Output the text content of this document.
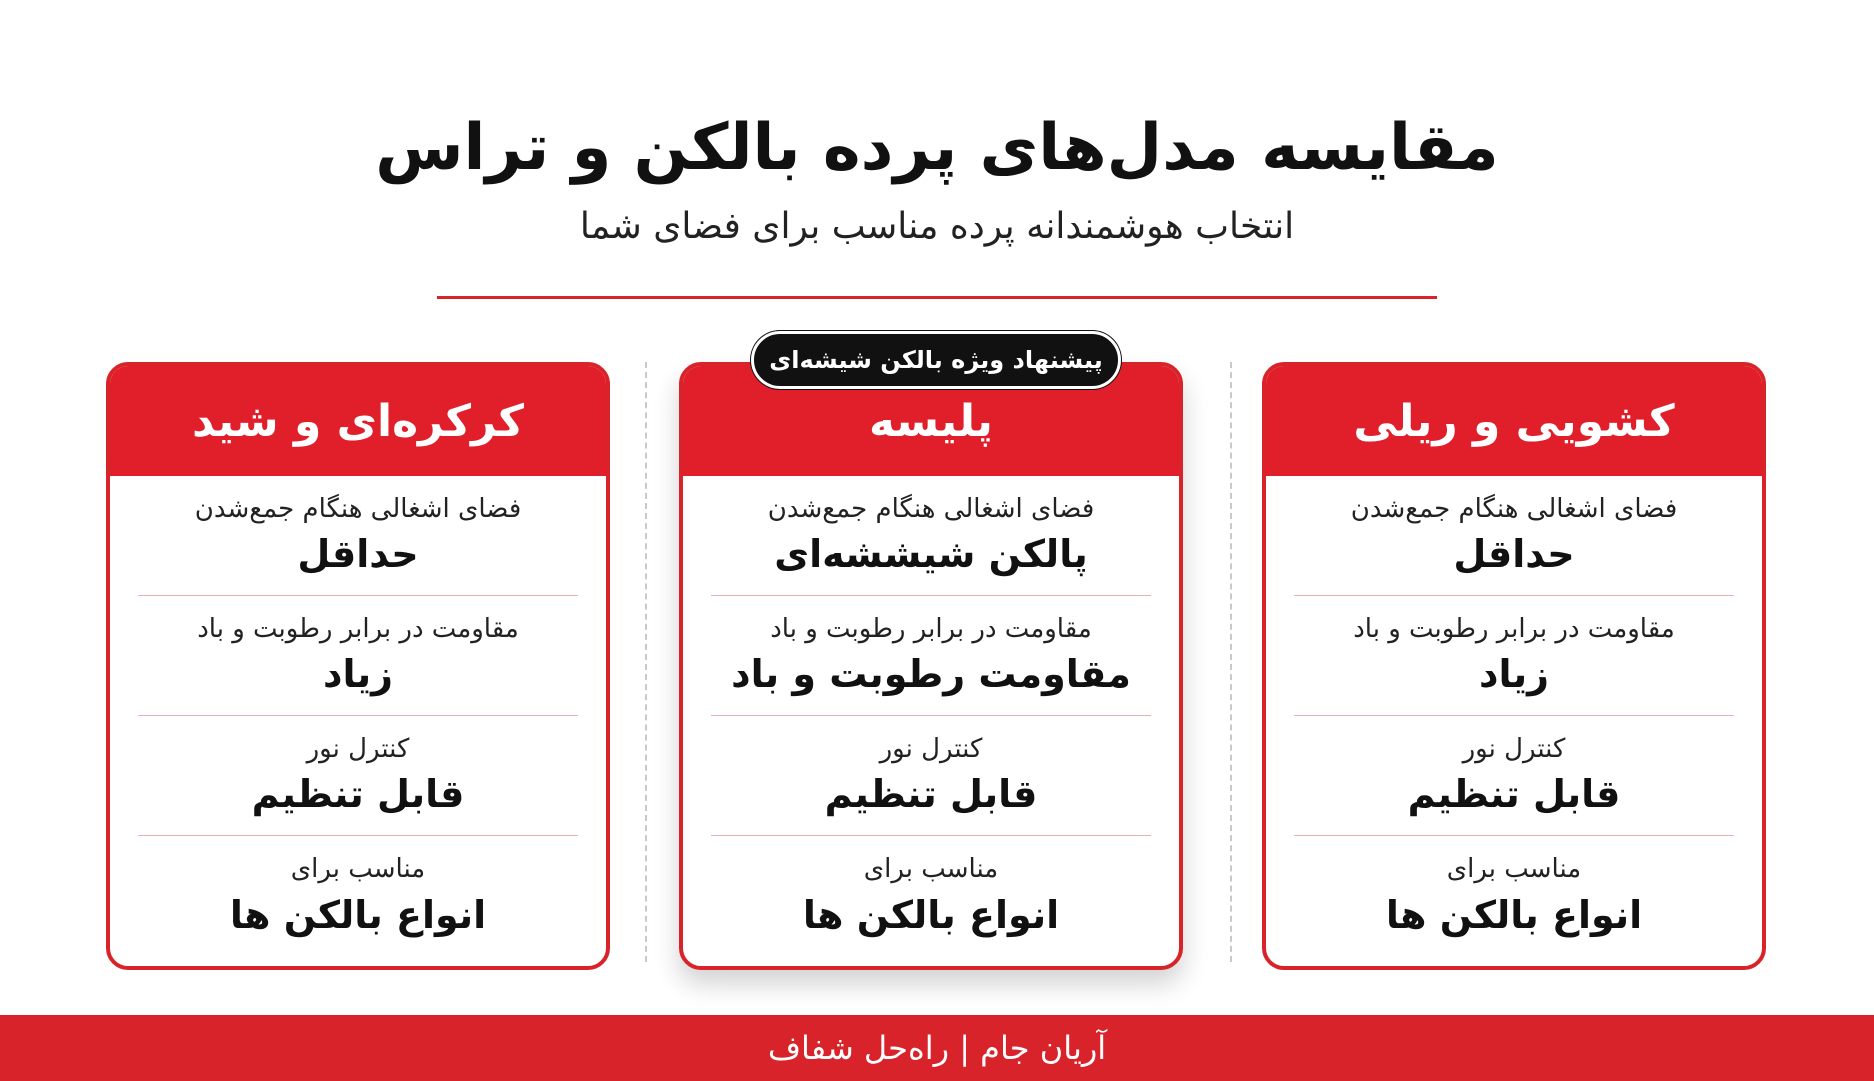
مقایسه مدل‌های پرده بالکن و تراس
انتخاب هوشمندانه پرده مناسب برای فضای شما
پیشنهاد ویژه بالکن شیشه‌ای
کشویی و ریلی
فضای اشغالی هنگام جمع‌شدن
حداقل
مقاومت در برابر رطوبت و باد
زیاد
کنترل نور
قابل تنظیم
مناسب برای
انواع بالکن ها
پلیسه
فضای اشغالی هنگام جمع‌شدن
پالکن شیششه‌ای
مقاومت در برابر رطوبت و باد
مقاومت رطوبت و باد
کنترل نور
قابل تنظیم
مناسب برای
انواع بالکن ها
کرکره‌ای و شید
فضای اشغالی هنگام جمع‌شدن
حداقل
مقاومت در برابر رطوبت و باد
زیاد
کنترل نور
قابل تنظیم
مناسب برای
انواع بالکن ها
آریان جام | راه‌حل شفاف
